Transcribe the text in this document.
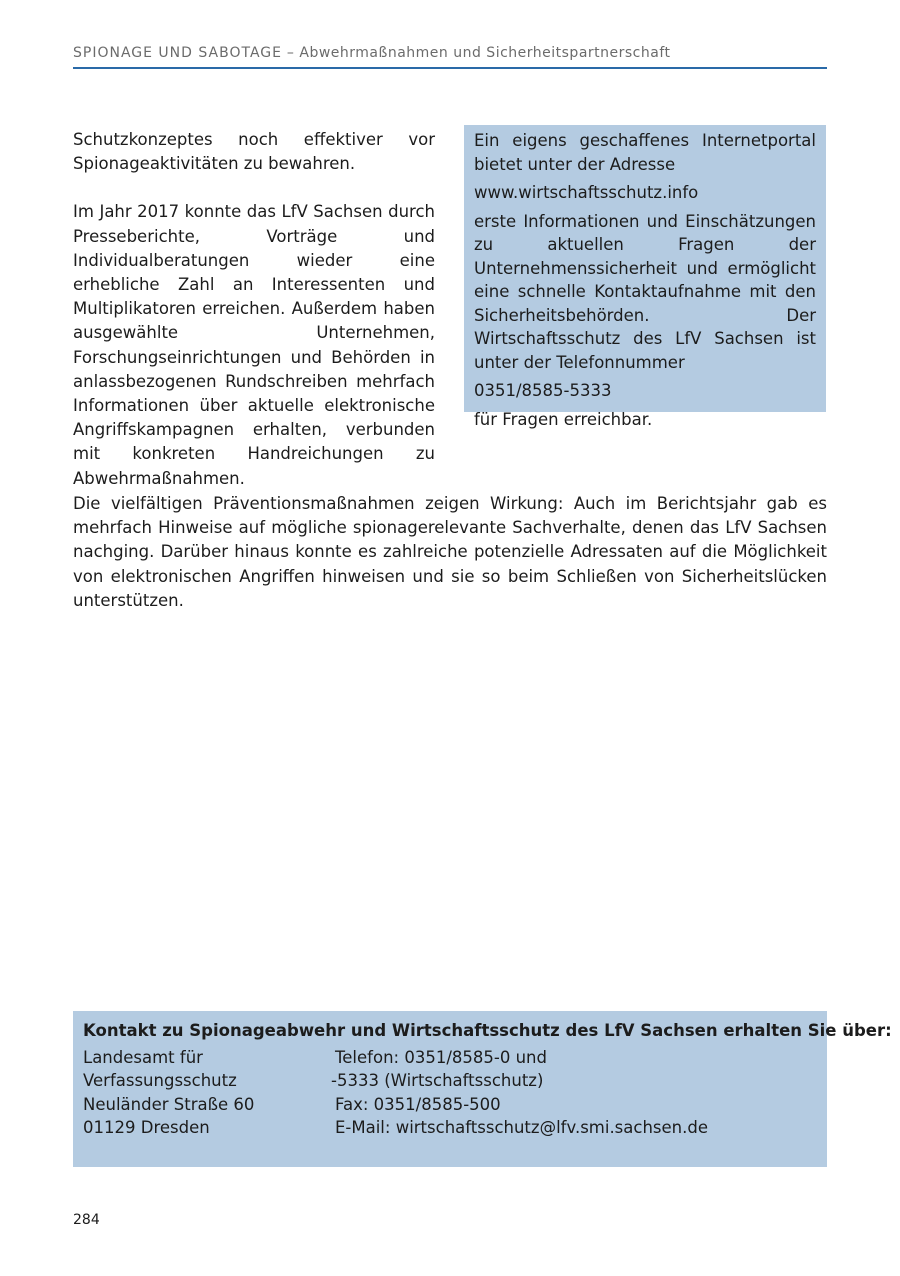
SPIONAGE UND SABOTAGE – Abwehrmaßnahmen und Sicherheitspartnerschaft

Schutzkonzeptes noch effektiver vor Spionageaktivitäten zu bewahren.

Im Jahr 2017 konnte das LfV Sachsen durch Presseberichte, Vorträge und Individualberatungen wieder eine erhebliche Zahl an Interessenten und Multiplikatoren erreichen. Außerdem haben ausgewählte Unternehmen, Forschungseinrichtungen und Behörden in anlassbezogenen Rundschreiben mehrfach Informationen über aktuelle elektronische Angriffskampagnen erhalten, verbunden mit konkreten Handreichungen zu Abwehrmaßnahmen.

Ein eigens geschaffenes Internetportal bietet unter der Adresse

www.wirtschaftsschutz.info

erste Informationen und Einschätzungen zu aktuellen Fragen der Unternehmenssicherheit und ermöglicht eine schnelle Kontaktaufnahme mit den Sicherheitsbehörden. Der Wirtschaftsschutz des LfV Sachsen ist unter der Telefonnummer

0351/8585-5333

für Fragen erreichbar.

Die vielfältigen Präventionsmaßnahmen zeigen Wirkung: Auch im Berichtsjahr gab es mehrfach Hinweise auf mögliche spionagerelevante Sachverhalte, denen das LfV Sachsen nachging. Darüber hinaus konnte es zahlreiche potenzielle Adressaten auf die Möglichkeit von elektronischen Angriffen hinweisen und sie so beim Schließen von Sicherheitslücken unterstützen.

Kontakt zu Spionageabwehr und Wirtschaftsschutz des LfV Sachsen erhalten Sie über:
Landesamt für
Verfassungsschutz
Neuländer Straße 60
01129 Dresden
Telefon: 0351/8585-0 und
-5333 (Wirtschaftsschutz)
Fax: 0351/8585-500
E-Mail: wirtschaftsschutz@lfv.smi.sachsen.de
284
